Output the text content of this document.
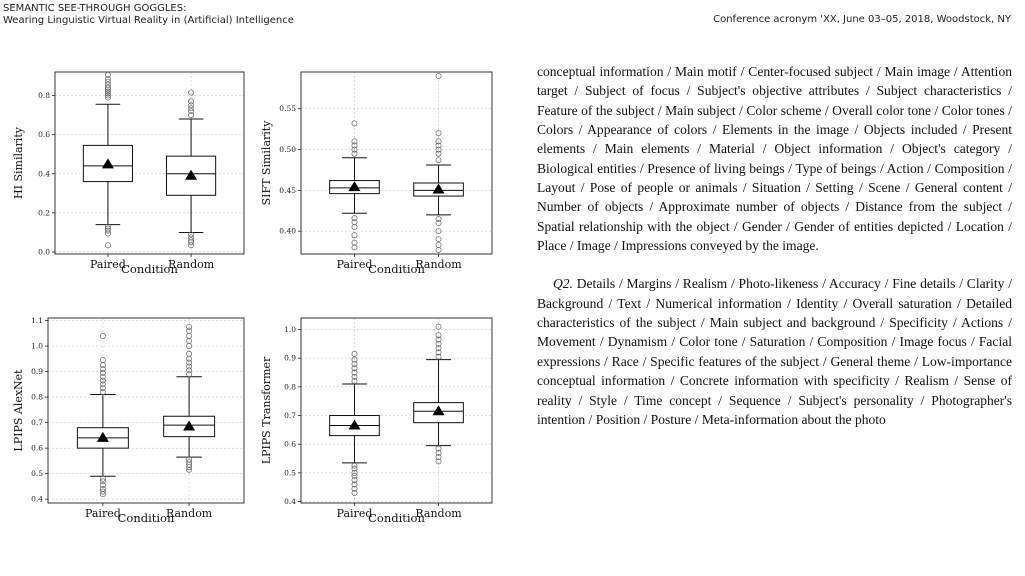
SEMANTIC SEE-THROUGH GOGGLES:
Wearing Linguistic Virtual Reality in (Artificial) Intelligence	Conference acronym 'XX, June 03–05, 2018, Woodstock, NY
0.0
0.2
0.4
0.6
0.8
Paired	Random
Condition
HI Similarity
0.40
0.45
0.50
0.55
Paired	Random
Condition
SIFT Similarity
0.4
0.5
0.6
0.7
0.8
0.9
1.0
1.1
Paired	Random
Condition
LPIPS AlexNet
0.4
0.5
0.6
0.7
0.8
0.9
1.0
Paired	Random
Condition
LPIPS Transformer

conceptual information / Main motif / Center-focused subject / Main image / Attention target / Subject of focus / Subject's objective attributes / Subject characteristics / Feature of the subject / Main subject / Color scheme / Overall color tone / Color tones / Colors / Appearance of colors / Elements in the image / Objects included / Present elements / Main elements / Material / Object information / Object's category / Biological entities / Presence of living beings / Type of beings / Action / Composition / Layout / Pose of people or animals / Situation / Setting / Scene / General content / Number of objects / Approximate number of objects / Distance from the subject / Spatial relationship with the object / Gender / Gender of entities depicted / Location / Place / Image / Impressions conveyed by the image.

Q2. Details / Margins / Realism / Photo-likeness / Accuracy / Fine details / Clarity / Background / Text / Numerical information / Identity / Overall saturation / Detailed characteristics of the subject / Main subject and background / Specificity / Actions / Movement / Dynamism / Color tone / Saturation / Composition / Image focus / Facial expressions / Race / Specific features of the subject / General theme / Low-importance conceptual information / Concrete information with specificity / Realism / Sense of reality / Style / Time concept / Sequence / Subject's personality / Photographer's intention / Position / Posture / Meta-information about the photo
